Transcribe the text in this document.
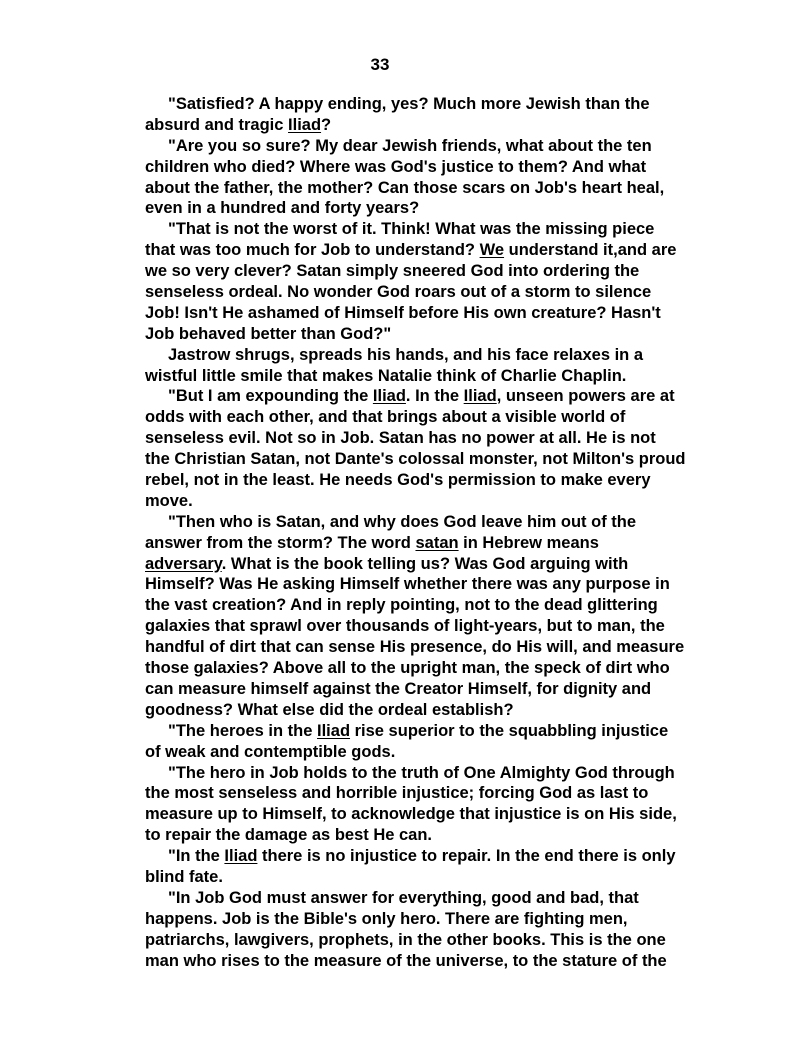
33
"Satisfied? A happy ending, yes? Much more Jewish than the
absurd and tragic Iliad?
"Are you so sure? My dear Jewish friends, what about the ten
children who died? Where was God's justice to them? And what
about the father, the mother? Can those scars on Job's heart heal,
even in a hundred and forty years?
"That is not the worst of it. Think! What was the missing piece
that was too much for Job to understand? We understand it,and are
we so very clever? Satan simply sneered God into ordering the
senseless ordeal. No wonder God roars out of a storm to silence
Job! Isn't He ashamed of Himself before His own creature? Hasn't
Job behaved better than God?"
Jastrow shrugs, spreads his hands, and his face relaxes in a
wistful little smile that makes Natalie think of Charlie Chaplin.
"But I am expounding the Iliad. In the Iliad, unseen powers are at
odds with each other, and that brings about a visible world of
senseless evil. Not so in Job. Satan has no power at all. He is not
the Christian Satan, not Dante's colossal monster, not Milton's proud
rebel, not in the least. He needs God's permission to make every
move.
"Then who is Satan, and why does God leave him out of the
answer from the storm? The word satan in Hebrew means
adversary. What is the book telling us? Was God arguing with
Himself? Was He asking Himself whether there was any purpose in
the vast creation? And in reply pointing, not to the dead glittering
galaxies that sprawl over thousands of light-years, but to man, the
handful of dirt that can sense His presence, do His will, and measure
those galaxies? Above all to the upright man, the speck of dirt who
can measure himself against the Creator Himself, for dignity and
goodness? What else did the ordeal establish?
"The heroes in the Iliad rise superior to the squabbling injustice
of weak and contemptible gods.
"The hero in Job holds to the truth of One Almighty God through
the most senseless and horrible injustice; forcing God as last to
measure up to Himself, to acknowledge that injustice is on His side,
to repair the damage as best He can.
"In the Iliad there is no injustice to repair. In the end there is only
blind fate.
"In Job God must answer for everything, good and bad, that
happens. Job is the Bible's only hero. There are fighting men,
patriarchs, lawgivers, prophets, in the other books. This is the one
man who rises to the measure of the universe, to the stature of the
